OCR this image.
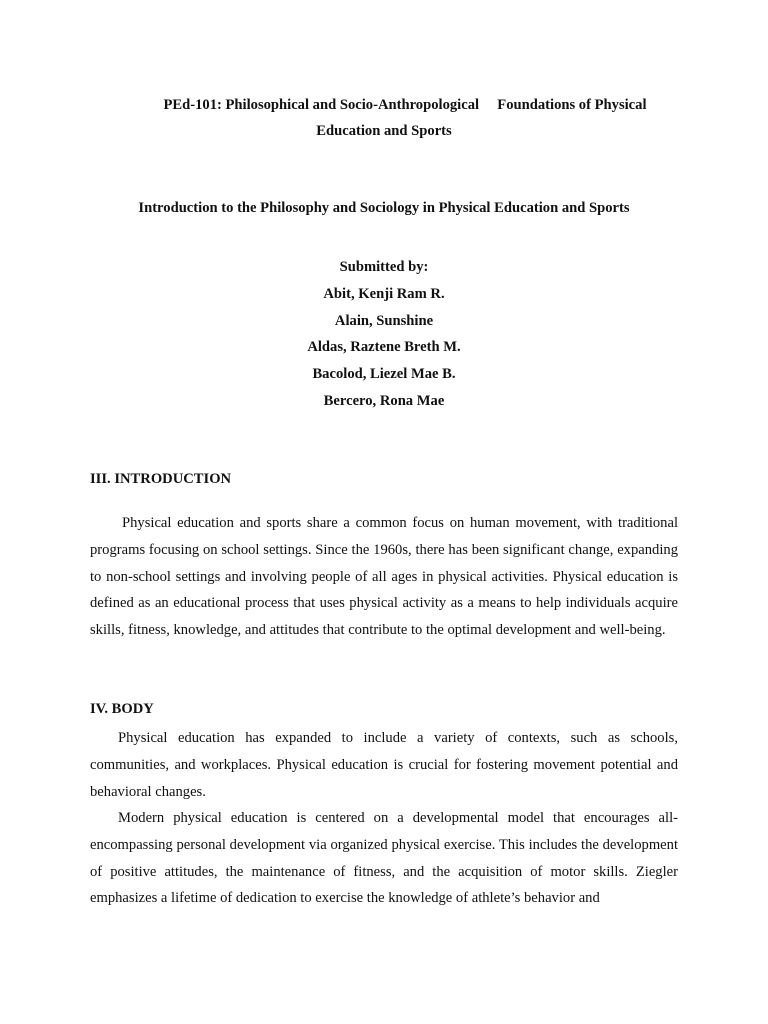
PEd-101: Philosophical and Socio-Anthropological     Foundations of Physical
Education and Sports
Introduction to the Philosophy and Sociology in Physical Education and Sports
Submitted by:
Abit, Kenji Ram R.
Alain, Sunshine
Aldas, Raztene Breth M.
Bacolod, Liezel Mae B.
Bercero, Rona Mae
III. INTRODUCTION

Physical education and sports share a common focus on human movement, with traditional programs focusing on school settings. Since the 1960s, there has been significant change, expanding to non-school settings and involving people of all ages in physical activities. Physical education is defined as an educational process that uses physical activity as a means to help individuals acquire skills, fitness, knowledge, and attitudes that contribute to the optimal development and well-being.

IV. BODY

Physical education has expanded to include a variety of contexts, such as schools, communities, and workplaces. Physical education is crucial for fostering movement potential and behavioral changes.

Modern physical education is centered on a developmental model that encourages all-encompassing personal development via organized physical exercise. This includes the development of positive attitudes, the maintenance of fitness, and the acquisition of motor skills. Ziegler emphasizes a lifetime of dedication to exercise the knowledge of athlete’s behavior and
